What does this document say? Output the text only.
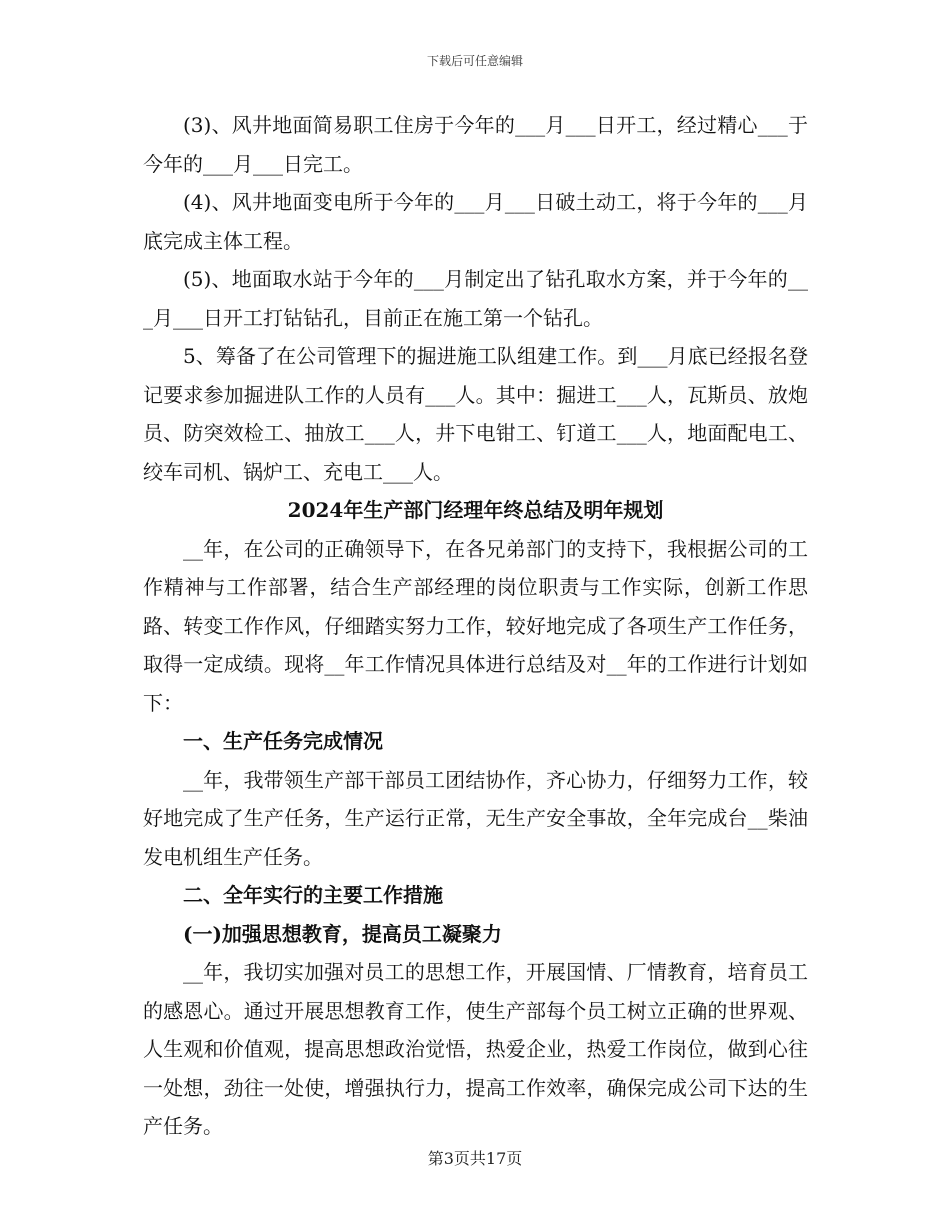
下载后可任意编辑

(3)、风井地面简易职工住房于今年的___月___日开工，经过精心___于今年的___月___日完工。

(4)、风井地面变电所于今年的___月___日破土动工，将于今年的___月底完成主体工程。

(5)、地面取水站于今年的___月制定出了钻孔取水方案，并于今年的___月___日开工打钻钻孔，目前正在施工第一个钻孔。

5、筹备了在公司管理下的掘进施工队组建工作。到___月底已经报名登记要求参加掘进队工作的人员有___人。其中：掘进工___人，瓦斯员、放炮员、防突效检工、抽放工___人，井下电钳工、钉道工___人，地面配电工、绞车司机、锅炉工、充电工___人。

2024年生产部门经理年终总结及明年规划

__年，在公司的正确领导下，在各兄弟部门的支持下，我根据公司的工作精神与工作部署，结合生产部经理的岗位职责与工作实际，创新工作思路、转变工作作风，仔细踏实努力工作，较好地完成了各项生产工作任务，取得一定成绩。现将__年工作情况具体进行总结及对__年的工作进行计划如下：

一、生产任务完成情况

__年，我带领生产部干部员工团结协作，齐心协力，仔细努力工作，较好地完成了生产任务，生产运行正常，无生产安全事故，全年完成台__柴油发电机组生产任务。

二、全年实行的主要工作措施

(一)加强思想教育，提高员工凝聚力

__年，我切实加强对员工的思想工作，开展国情、厂情教育，培育员工的感恩心。通过开展思想教育工作，使生产部每个员工树立正确的世界观、人生观和价值观，提高思想政治觉悟，热爱企业，热爱工作岗位，做到心往一处想，劲往一处使，增强执行力，提高工作效率，确保完成公司下达的生产任务。

第3页共17页
